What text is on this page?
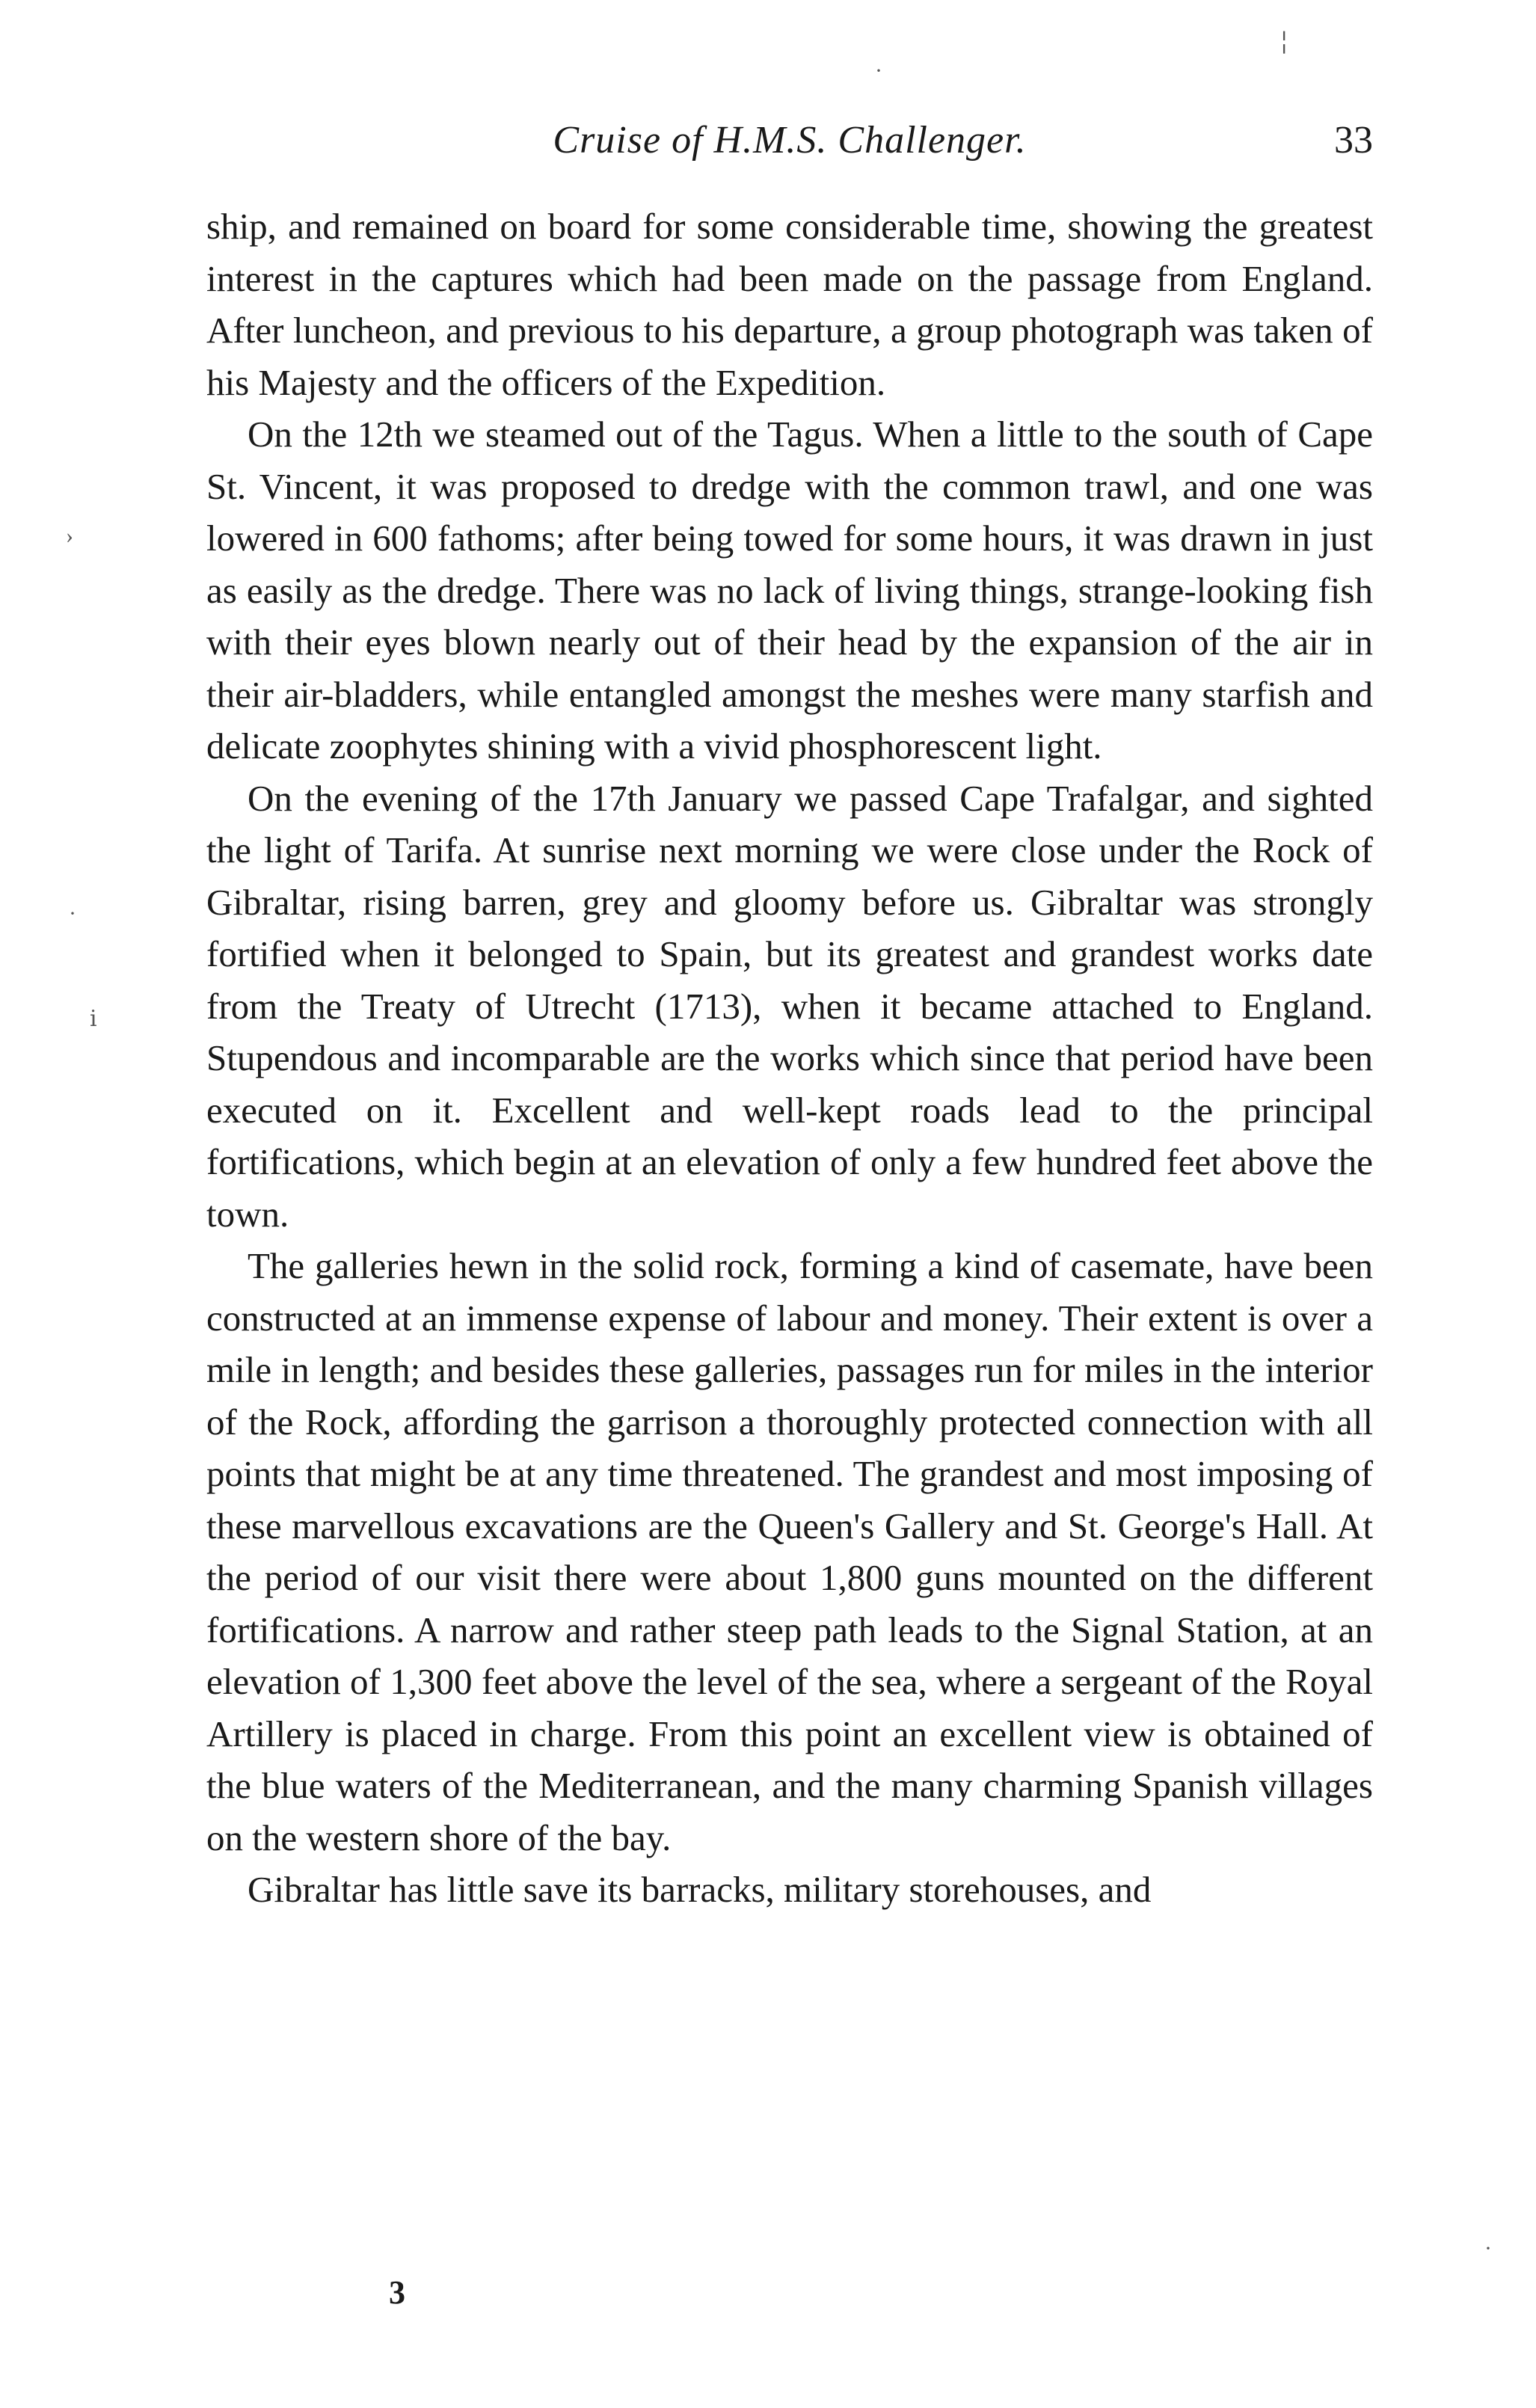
Cruise of H.M.S. Challenger.	33

ship, and remained on board for some considerable time, showing the greatest interest in the captures which had been made on the passage from England. After luncheon, and previous to his departure, a group photograph was taken of his Majesty and the officers of the Expedition.

On the 12th we steamed out of the Tagus. When a little to the south of Cape St. Vincent, it was proposed to dredge with the common trawl, and one was lowered in 600 fathoms; after being towed for some hours, it was drawn in just as easily as the dredge. There was no lack of living things, strange-looking fish with their eyes blown nearly out of their head by the expansion of the air in their air-bladders, while entangled amongst the meshes were many starfish and delicate zoophytes shining with a vivid phosphorescent light.

On the evening of the 17th January we passed Cape Trafalgar, and sighted the light of Tarifa. At sunrise next morning we were close under the Rock of Gibraltar, rising barren, grey and gloomy before us. Gibraltar was strongly fortified when it belonged to Spain, but its greatest and grandest works date from the Treaty of Utrecht (1713), when it became attached to England. Stupendous and incomparable are the works which since that period have been executed on it. Excellent and well-kept roads lead to the principal fortifications, which begin at an elevation of only a few hundred feet above the town.

The galleries hewn in the solid rock, forming a kind of casemate, have been constructed at an immense expense of labour and money. Their extent is over a mile in length; and besides these galleries, passages run for miles in the interior of the Rock, affording the garrison a thoroughly protected connection with all points that might be at any time threatened. The grandest and most imposing of these marvellous excavations are the Queen's Gallery and St. George's Hall. At the period of our visit there were about 1,800 guns mounted on the different fortifications. A narrow and rather steep path leads to the Signal Station, at an elevation of 1,300 feet above the level of the sea, where a sergeant of the Royal Artillery is placed in charge. From this point an excellent view is obtained of the blue waters of the Mediterranean, and the many charming Spanish villages on the western shore of the bay.

Gibraltar has little save its barracks, military storehouses, and

3
╎
·
›
·ﾞ
ⅰ
·
